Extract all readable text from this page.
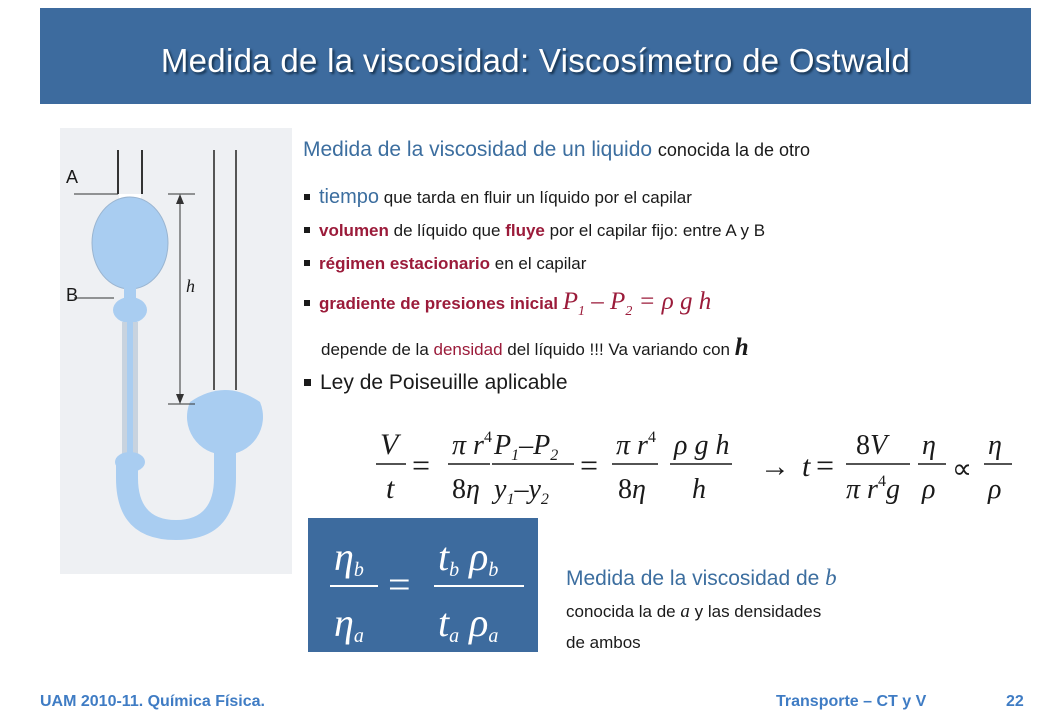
Medida de la viscosidad: Viscosímetro de Ostwald
A
B	h
Medida de la viscosidad de un liquido conocida la de otro
tiempo que tarda en fluir un líquido por el capilar
volumen de líquido que fluye por el capilar fijo: entre A y B
régimen estacionario en el capilar
gradiente de presiones inicial $P_1 - P_2 = \rho$ g h
depende de la densidad del líquido !!! Va variando con h
Ley de Poiseuille aplicable
V
t
=
π $r^4$
8η
$P_1-P_2$
$y_1-y_2$
=
π $r^4$
8η
ρ g h
h
→ t =
8V
π $r^4g$
η
ρ
∝
η
ρ
ηb
ηa
=
tb ρb
ta ρa
Medida de la viscosidad de b
conocida la de a y las densidades
de ambos
UAM 2010-11. Química Física.	Transporte – CT y V	22
